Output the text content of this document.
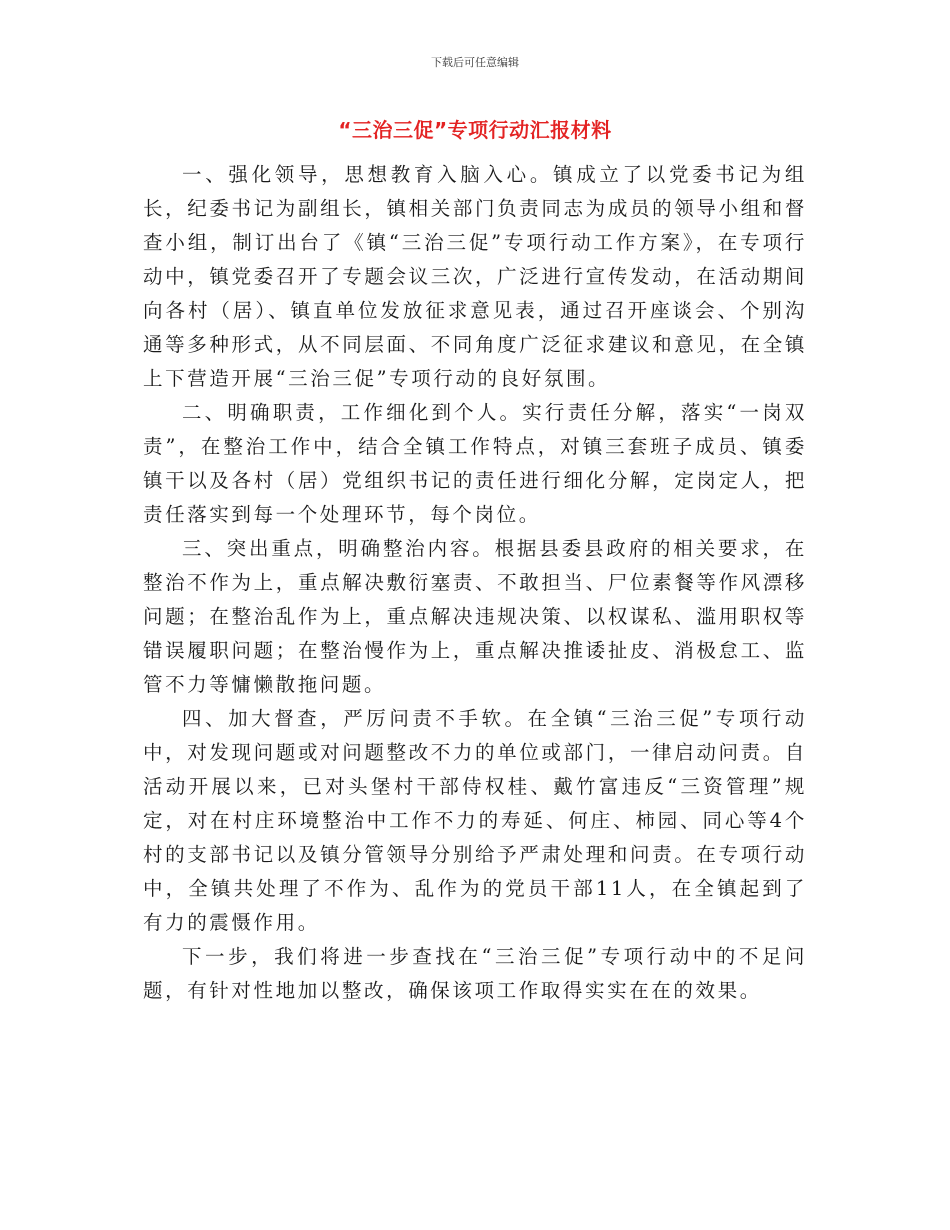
下载后可任意编辑
“三治三促”专项行动汇报材料

一、强化领导，思想教育入脑入心。镇成立了以党委书记为组长，纪委书记为副组长，镇相关部门负责同志为成员的领导小组和督查小组，制订出台了《镇“三治三促”专项行动工作方案》，在专项行动中，镇党委召开了专题会议三次，广泛进行宣传发动，在活动期间向各村（居）、镇直单位发放征求意见表，通过召开座谈会、个别沟通等多种形式，从不同层面、不同角度广泛征求建议和意见，在全镇上下营造开展“三治三促”专项行动的良好氛围。

二、明确职责，工作细化到个人。实行责任分解，落实“一岗双责”，在整治工作中，结合全镇工作特点，对镇三套班子成员、镇委镇干以及各村（居）党组织书记的责任进行细化分解，定岗定人，把责任落实到每一个处理环节，每个岗位。

三、突出重点，明确整治内容。根据县委县政府的相关要求，在整治不作为上，重点解决敷衍塞责、不敢担当、尸位素餐等作风漂移问题；在整治乱作为上，重点解决违规决策、以权谋私、滥用职权等错误履职问题；在整治慢作为上，重点解决推诿扯皮、消极怠工、监管不力等慵懒散拖问题。

四、加大督查，严厉问责不手软。在全镇“三治三促”专项行动中，对发现问题或对问题整改不力的单位或部门，一律启动问责。自活动开展以来，已对头堡村干部侍权桂、戴竹富违反“三资管理”规定，对在村庄环境整治中工作不力的寿延、何庄、柿园、同心等4个村的支部书记以及镇分管领导分别给予严肃处理和问责。在专项行动中，全镇共处理了不作为、乱作为的党员干部11人，在全镇起到了有力的震慑作用。

下一步，我们将进一步查找在“三治三促”专项行动中的不足问题，有针对性地加以整改，确保该项工作取得实实在在的效果。
